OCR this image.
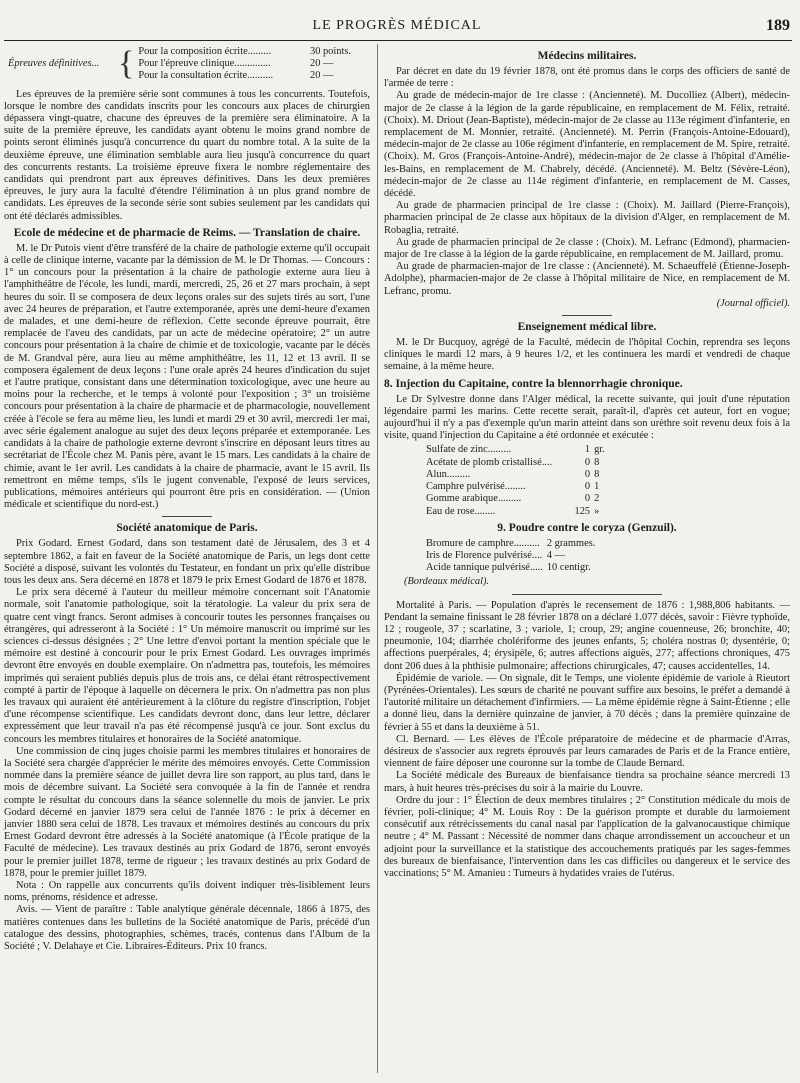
LE PROGRÈS MÉDICAL	189
Épreuves définitives... { Pour la composition écrite.........	30 points.
Pour l'épreuve clinique..............	20 —
Pour la consultation écrite..........	20 —

Les épreuves de la première série sont communes à tous les concurrents. Toutefois, lorsque le nombre des candidats inscrits pour les concours aux places de chirurgien dépassera vingt-quatre, chacune des épreuves de la première sera éliminatoire. A la suite de la première épreuve, les candidats ayant obtenu le moins grand nombre de points seront éliminés jusqu'à concurrence du quart du nombre total. A la suite de la deuxième épreuve, une élimination semblable aura lieu jusqu'à concurrence du quart des concurrents restants. La troisième épreuve fixera le nombre réglementaire des candidats qui prendront part aux épreuves définitives. Dans les deux premières épreuves, le jury aura la faculté d'étendre l'élimination à un plus grand nombre de candidats. Les épreuves de la seconde série sont subies seulement par les candidats qui ont été déclarés admissibles.

Ecole de médecine et de pharmacie de Reims. — Translation de chaire.

M. le Dr Putois vient d'être transféré de la chaire de pathologie externe qu'il occupait à celle de clinique interne, vacante par la démission de M. le Dr Thomas. — Concours : 1° un concours pour la présentation à la chaire de pathologie externe aura lieu à l'amphithéâtre de l'école, les lundi, mardi, mercredi, 25, 26 et 27 mars prochain, à sept heures du soir. Il se composera de deux leçons orales sur des sujets tirés au sort, l'une avec 24 heures de préparation, et l'autre extemporanée, après une demi-heure d'examen de malades, et une demi-heure de réflexion. Cette seconde épreuve pourrait, être remplacée de l'aveu des candidats, par un acte de médecine opératoire; 2° un autre concours pour présentation à la chaire de chimie et de toxicologie, vacante par le décès de M. Grandval père, aura lieu au même amphithéâtre, les 11, 12 et 13 avril. Il se composera également de deux leçons : l'une orale après 24 heures d'indication du sujet et l'autre pratique, consistant dans une détermination toxicologique, avec une heure au moins pour la recherche, et le temps à volonté pour l'exposition ; 3° un troisième concours pour présentation à la chaire de pharmacie et de pharmacologie, nouvellement créée à l'école se fera au même lieu, les lundi et mardi 29 et 30 avril, mercredi 1er mai, avec série également analogue au sujet des deux leçons préparée et extemporanée. Les candidats à la chaire de pathologie externe devront s'inscrire en déposant leurs titres au secrétariat de l'École chez M. Panis père, avant le 15 mars. Les candidats à la chaire de chimie, avant le 1er avril. Les candidats à la chaire de pharmacie, avant le 15 avril. Ils remettront en même temps, s'ils le jugent convenable, l'exposé de leurs services, publications, mémoires antérieurs qui pourront être pris en considération. — (Union médicale et scientifique du nord-est.)

Société anatomique de Paris.

Prix Godard. Ernest Godard, dans son testament daté de Jérusalem, des 3 et 4 septembre 1862, a fait en faveur de la Société anatomique de Paris, un legs dont cette Société a disposé, suivant les volontés du Testateur, en fondant un prix qu'elle distribue tous les deux ans. Sera décerné en 1878 et 1879 le prix Ernest Godard de 1876 et 1878.

Le prix sera décerné à l'auteur du meilleur mémoire concernant soit l'Anatomie normale, soit l'anatomie pathologique, soit la tératologie. La valeur du prix sera de quatre cent vingt francs. Seront admises à concourir toutes les personnes françaises ou étrangères, qui adresseront à la Société : 1° Un mémoire manuscrit ou imprimé sur les sciences ci-dessus désignées ; 2° Une lettre d'envoi portant la mention spéciale que le mémoire est destiné à concourir pour le prix Ernest Godard. Les ouvrages imprimés devront être envoyés en double exemplaire. On n'admettra pas, toutefois, les mémoires imprimés qui seraient publiés depuis plus de trois ans, ce délai étant rétrospectivement compté à partir de l'époque à laquelle on décernera le prix. On n'admettra pas non plus les travaux qui auraient été antérieurement à la clôture du registre d'inscription, l'objet d'une récompense scientifique. Les candidats devront donc, dans leur lettre, déclarer expressément que leur travail n'a pas été récompensé jusqu'à ce jour. Sont exclus du concours les membres titulaires et honoraires de la Société anatomique.

Une commission de cinq juges choisie parmi les membres titulaires et honoraires de la Société sera chargée d'apprécier le mérite des mémoires envoyés. Cette Commission nommée dans la première séance de juillet devra lire son rapport, au plus tard, dans le mois de décembre suivant. La Société sera convoquée à la fin de l'année et rendra compte le résultat du concours dans la séance solennelle du mois de janvier. Le prix Godard décerné en janvier 1879 sera celui de l'année 1876 : le prix à décerner en janvier 1880 sera celui de 1878. Les travaux et mémoires destinés au concours du prix Ernest Godard devront être adressés à la Société anatomique (à l'École pratique de la Faculté de médecine). Les travaux destinés au prix Godard de 1876, seront envoyés pour le premier juillet 1878, terme de rigueur ; les travaux destinés au prix Godard de 1878, pour le premier juillet 1879.

Nota : On rappelle aux concurrents qu'ils doivent indiquer très-lisiblement leurs noms, prénoms, résidence et adresse.

Avis. — Vient de paraître : Table analytique générale décennale, 1866 à 1875, des matières contenues dans les bulletins de la Société anatomique de Paris, précédé d'un catalogue des dessins, photographies, schèmes, tracés, contenus dans l'Album de la Société ; V. Delahaye et Cie. Libraires-Éditeurs. Prix 10 francs.

Médecins militaires.

Par décret en date du 19 février 1878, ont été promus dans le corps des officiers de santé de l'armée de terre :

Au grade de médecin-major de 1re classe : (Ancienneté). M. Ducolliez (Albert), médecin-major de 2e classe à la légion de la garde républicaine, en remplacement de M. Félix, retraité. (Choix). M. Driout (Jean-Baptiste), médecin-major de 2e classe au 113e régiment d'infanterie, en remplacement de M. Monnier, retraité. (Ancienneté). M. Perrin (François-Antoine-Edouard), médecin-major de 2e classe au 106e régiment d'infanterie, en remplacement de M. Spire, retraité. (Choix). M. Gros (François-Antoine-André), médecin-major de 2e classe à l'hôpital d'Amélie-les-Bains, en remplacement de M. Chabrely, décédé. (Ancienneté). M. Beltz (Sévère-Léon), médecin-major de 2e classe au 114e régiment d'infanterie, en remplacement de M. Casses, décédé.

Au grade de pharmacien principal de 1re classe : (Choix). M. Jaillard (Pierre-François), pharmacien principal de 2e classe aux hôpitaux de la division d'Alger, en remplacement de M. Robaglia, retraité.

Au grade de pharmacien principal de 2e classe : (Choix). M. Lefranc (Edmond), pharmacien-major de 1re classe à la légion de la garde républicaine, en remplacement de M. Jaillard, promu.

Au grade de pharmacien-major de 1re classe : (Ancienneté). M. Schaeuffelé (Étienne-Joseph-Adolphe), pharmacien-major de 2e classe à l'hôpital militaire de Nice, en remplacement de M. Lefranc, promu.

(Journal officiel).

Enseignement médical libre.

M. le Dr Bucquoy, agrégé de la Faculté, médecin de l'hôpital Cochin, reprendra ses leçons cliniques le mardi 12 mars, à 9 heures 1/2, et les continuera les mardi et vendredi de chaque semaine, à la même heure.

8. Injection du Capitaine, contre la blennorrhagie chronique.

Le Dr Sylvestre donne dans l'Alger médical, la recette suivante, qui jouit d'une réputation légendaire parmi les marins. Cette recette serait, paraît-il, d'après cet auteur, fort en vogue; aujourd'hui il n'y a pas d'exemple qu'un marin atteint dans son urèthre soit revenu deux fois à la visite, quand l'injection du Capitaine a été ordonnée et exécutée :

Sulfate de zinc.........	1	gr.
Acétate de plomb cristallisé....	0	8
Alun.........	0	8
Camphre pulvérisé........	0	1
Gomme arabique.........	0	2
Eau de rose........	125	»
9. Poudre contre le coryza (Genzuil).
Bromure de camphre..........	2 grammes.
Iris de Florence pulvérisé....	4 —
Acide tannique pulvérisé.....	10 centigr.

(Bordeaux médical).

Mortalité à Paris. — Population d'après le recensement de 1876 : 1,988,806 habitants. — Pendant la semaine finissant le 28 février 1878 on a déclaré 1.077 décès, savoir : Fièvre typhoïde, 12 ; rougeole, 37 ; scarlatine, 3 ; variole, 1; croup, 29; angine couenneuse, 26; bronchite, 40; pneumonie, 104; diarrhée cholériforme des jeunes enfants, 5; choléra nostras 0; dysentérie, 0; affections puerpérales, 4; érysipèle, 6; autres affections aiguës, 277; affections chroniques, 475 dont 206 dues à la phthisie pulmonaire; affections chirurgicales, 47; causes accidentelles, 14.

Épidémie de variole. — On signale, dit le Temps, une violente épidémie de variole à Rieutort (Pyrénées-Orientales). Les sœurs de charité ne pouvant suffire aux besoins, le préfet a demandé à l'autorité militaire un détachement d'infirmiers. — La même épidémie règne à Saint-Étienne ; elle a donné lieu, dans la dernière quinzaine de janvier, à 70 décès ; dans la première quinzaine de février à 55 et dans la deuxième à 51.

Cl. Bernard. — Les élèves de l'École préparatoire de médecine et de pharmacie d'Arras, désireux de s'associer aux regrets éprouvés par leurs camarades de Paris et de la France entière, viennent de faire déposer une couronne sur la tombe de Claude Bernard.

La Société médicale des Bureaux de bienfaisance tiendra sa prochaine séance mercredi 13 mars, à huit heures très-précises du soir à la mairie du Louvre.

Ordre du jour : 1° Élection de deux membres titulaires ; 2° Constitution médicale du mois de février, poli-clinique; 4° M. Louis Roy : De la guérison prompte et durable du larmoiement consécutif aux rétrécissements du canal nasal par l'application de la galvanocaustique chimique neutre ; 4° M. Passant : Nécessité de nommer dans chaque arrondissement un accoucheur et un adjoint pour la surveillance et la statistique des accouchements pratiqués par les sages-femmes des bureaux de bienfaisance, l'intervention dans les cas difficiles ou dangereux et le service des vaccinations; 5° M. Amanieu : Tumeurs à hydatides vraies de l'utérus.
